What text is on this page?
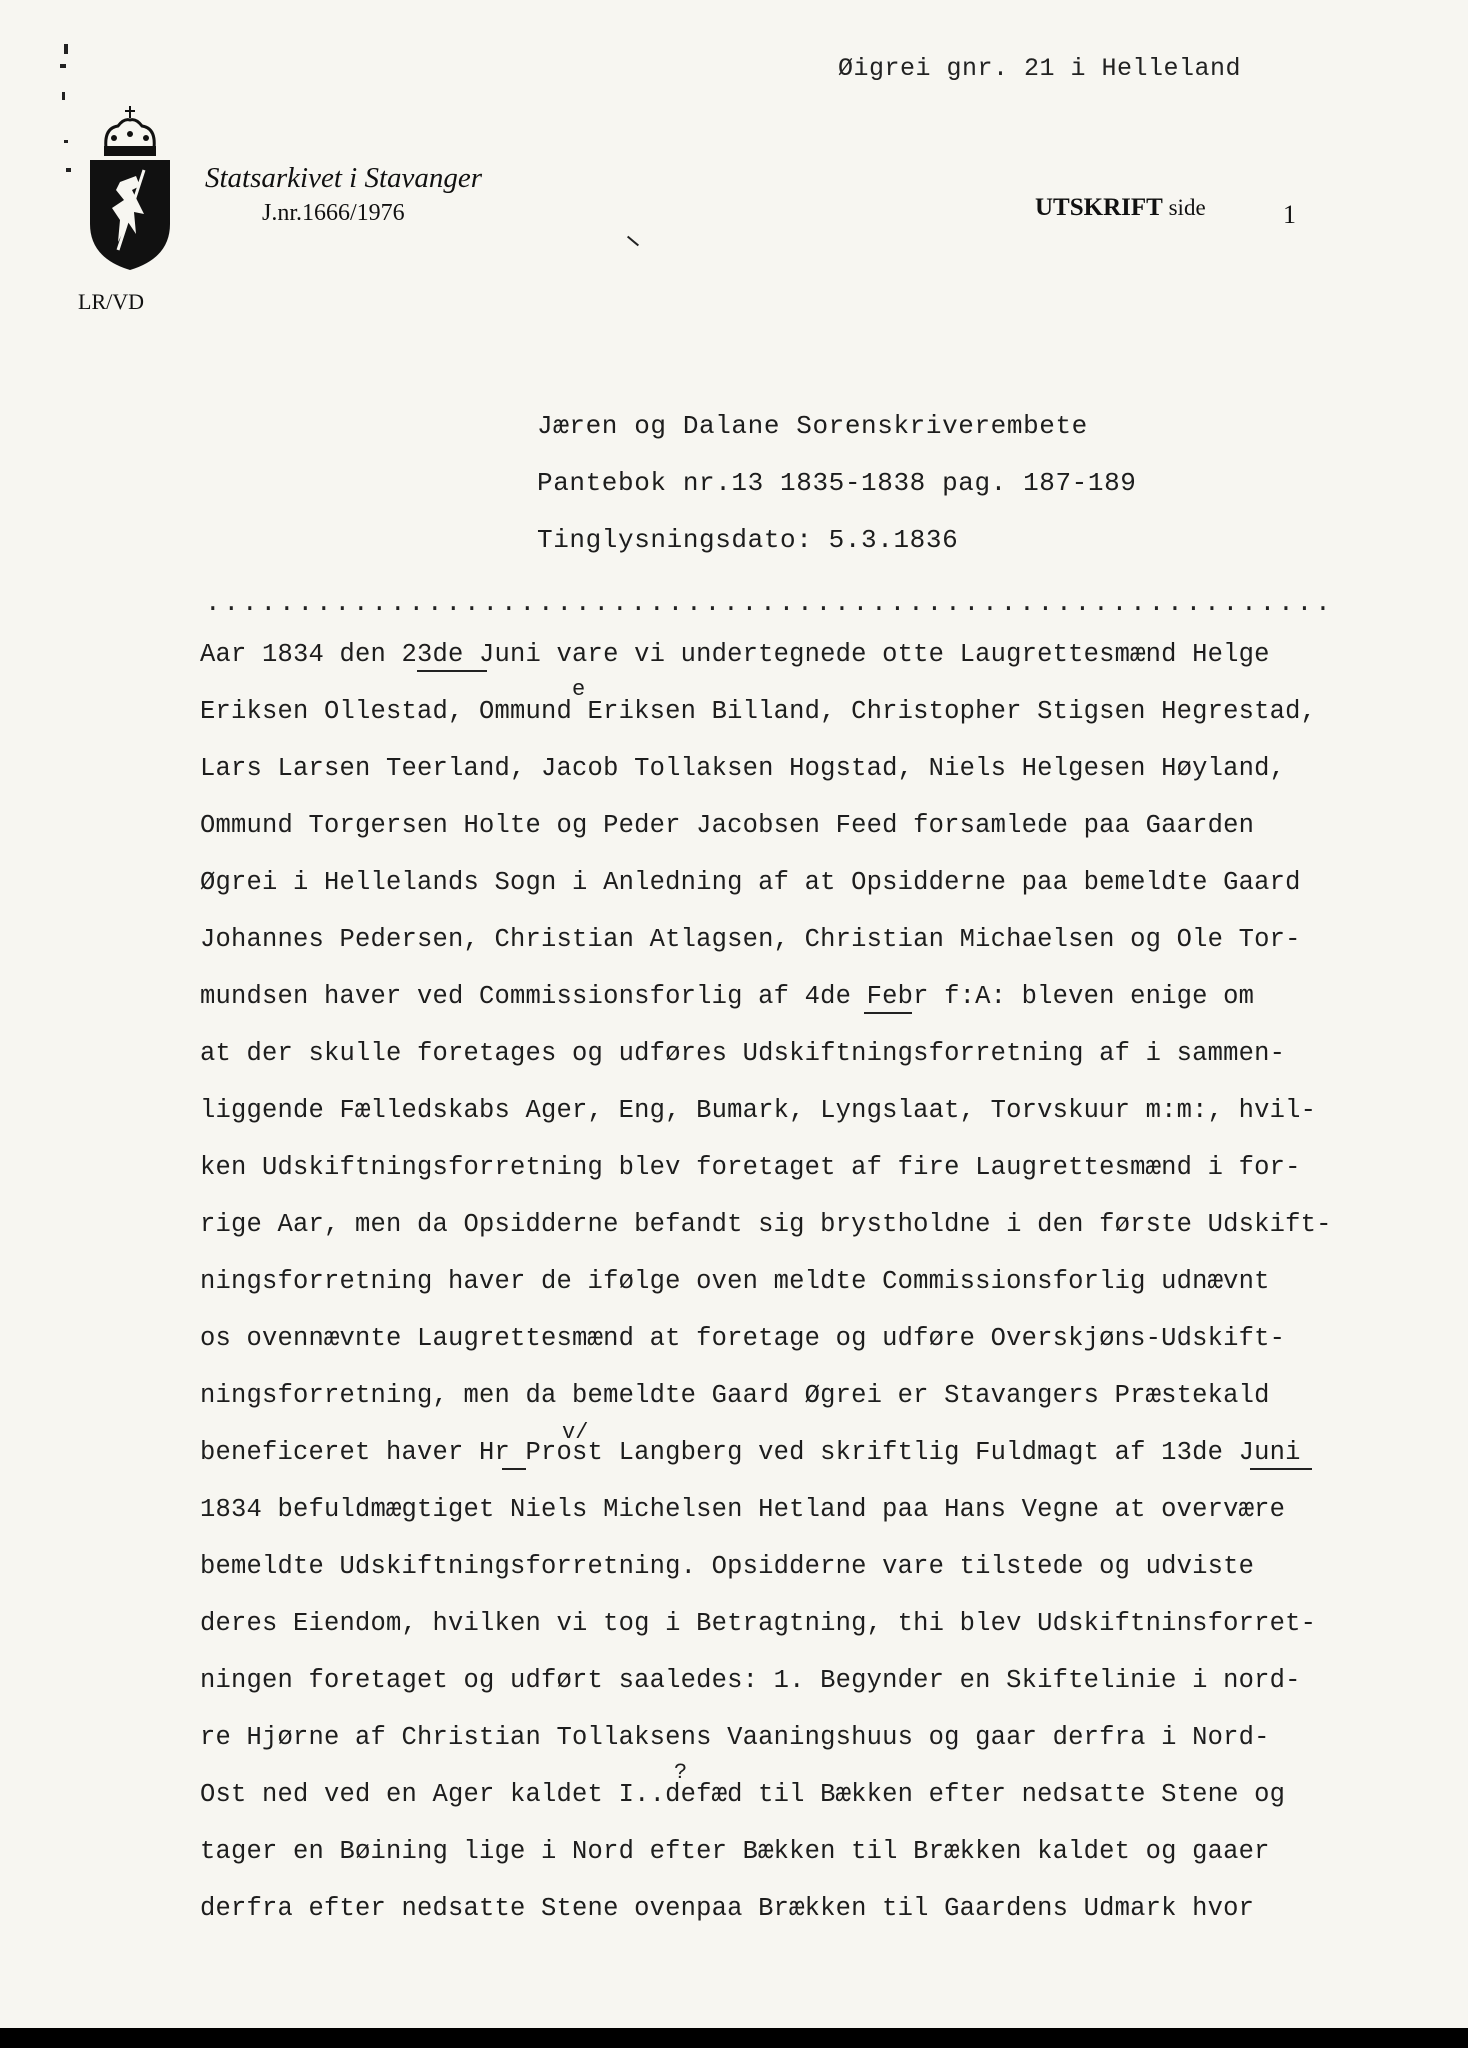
Øigrei gnr. 21 i Helleland
Statsarkivet i Stavanger
J.nr.1666/1976	UTSKRIFT side	1
LR/VD
Jæren og Dalane Sorenskriverembete
Pantebok nr.13 1835-1838 pag. 187-189
Tinglysningsdato: 5.3.1836
.............................................................
Aar 1834 den 23de Juni vare vi undertegnede otte Laugrettesmænd Helge
Eriksen Ollestad, Ommund Eriksen Billand, Christopher Stigsen Hegrestad,
Lars Larsen Teerland, Jacob Tollaksen Hogstad, Niels Helgesen Høyland,
Ommund Torgersen Holte og Peder Jacobsen Feed forsamlede paa Gaarden
Øgrei i Hellelands Sogn i Anledning af at Opsidderne paa bemeldte Gaard
Johannes Pedersen, Christian Atlagsen, Christian Michaelsen og Ole Tor-
mundsen haver ved Commissionsforlig af 4de Febr f:A: bleven enige om
at der skulle foretages og udføres Udskiftningsforretning af i sammen-
liggende Fælledskabs Ager, Eng, Bumark, Lyngslaat, Torvskuur m:m:, hvil-
ken Udskiftningsforretning blev foretaget af fire Laugrettesmænd i for-
rige Aar, men da Opsidderne befandt sig brystholdne i den første Udskift-
ningsforretning haver de ifølge oven meldte Commissionsforlig udnævnt
os ovennævnte Laugrettesmænd at foretage og udføre Overskjøns-Udskift-
ningsforretning, men da bemeldte Gaard Øgrei er Stavangers Præstekald
beneficeret haver Hr Prost Langberg ved skriftlig Fuldmagt af 13de Juni
1834 befuldmægtiget Niels Michelsen Hetland paa Hans Vegne at overvære
bemeldte Udskiftningsforretning. Opsidderne vare tilstede og udviste
deres Eiendom, hvilken vi tog i Betragtning, thi blev Udskiftninsforret-
ningen foretaget og udført saaledes: 1. Begynder en Skiftelinie i nord-
re Hjørne af Christian Tollaksens Vaaningshuus og gaar derfra i Nord-
Ost ned ved en Ager kaldet I..defæd til Bækken efter nedsatte Stene og
tager en Bøining lige i Nord efter Bækken til Brækken kaldet og gaaer
derfra efter nedsatte Stene ovenpaa Brækken til Gaardens Udmark hvor
e
v/
?
